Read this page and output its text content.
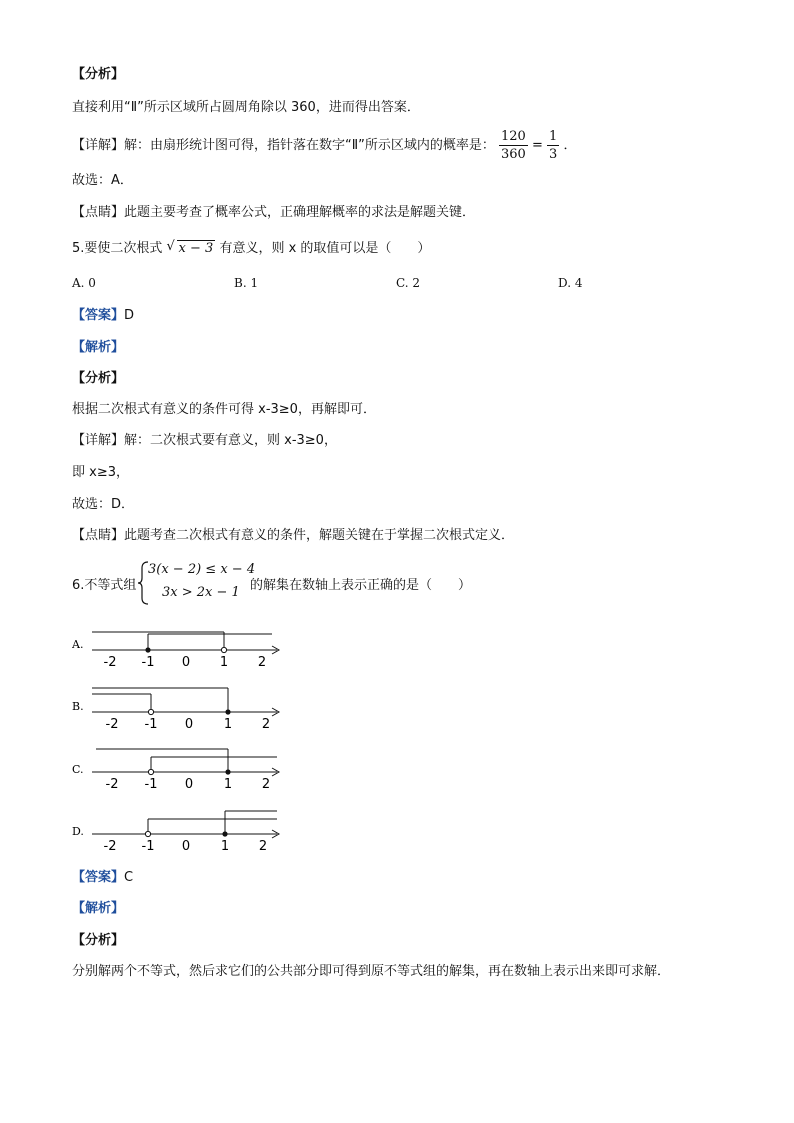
【分析】
直接利用“Ⅱ”所示区域所占圆周角除以 360，进而得出答案．
【详解】解：由扇形统计图可得，指针落在数字“Ⅱ”所示区域内的概率是： $\frac{120}{360} = \frac{1}{3}$ ．
故选：A．
【点睛】此题主要考查了概率公式，正确理解概率的求法是解题关键．
5.要使二次根式 √ x − 3 有意义，则 x 的取值可以是（　　）
A. 0	B. 1	C. 2	D. 4
【答案】D
【解析】
【分析】
根据二次根式有意义的条件可得 x-3≥0，再解即可．
【详解】解：二次根式要有意义，则 x-3≥0，
即 x≥3，
故选：D．
【点睛】此题考查二次根式有意义的条件，解题关键在于掌握二次根式定义．
6.不等式组
3(x − 2) ≤ x − 4
3x > 2x − 1 的解集在数轴上表示正确的是（　　）
A.
-2 -1 0 1 2
B.
-2 -1 0 1 2
C.
-2 -1 0 1 2
D.
-2 -1 0 1 2
【答案】C
【解析】
【分析】
分别解两个不等式，然后求它们的公共部分即可得到原不等式组的解集，再在数轴上表示出来即可求解．
